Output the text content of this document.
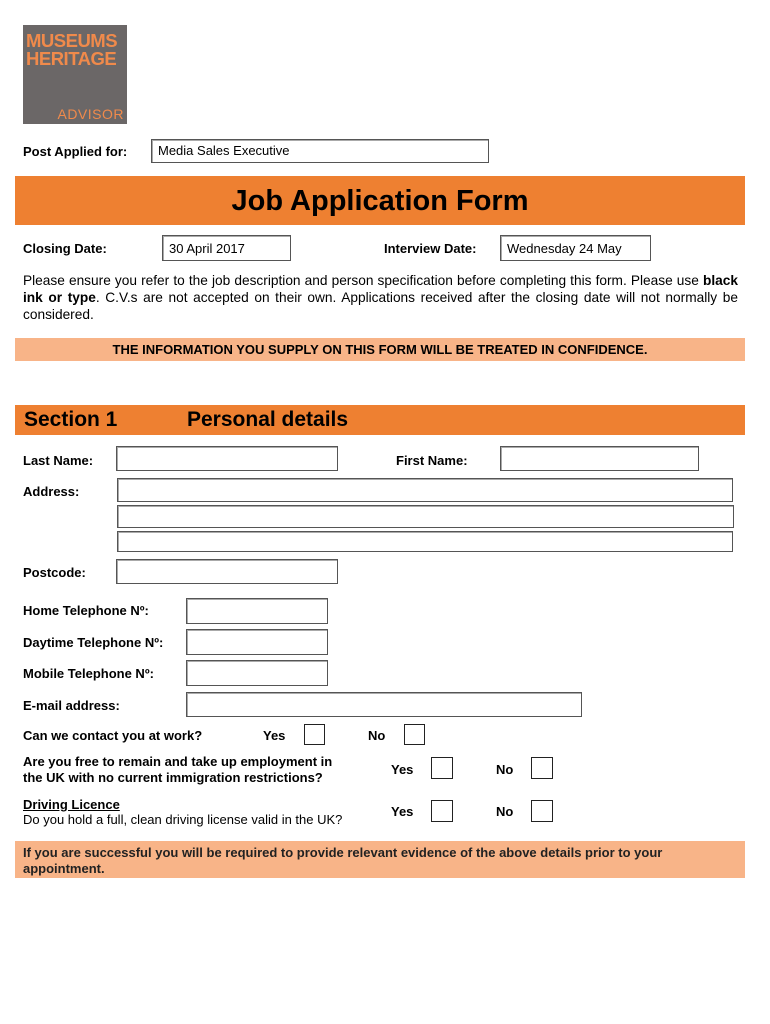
MUSEUMS
HERITAGE
ADVISOR
Post Applied for:	Media Sales Executive
Job Application Form
Closing Date:	30 April 2017	Interview Date:	Wednesday 24 May
Please ensure you refer to the job description and person specification before completing this form. Please use black ink or type. C.V.s are not accepted on their own. Applications received after the closing date will not normally be considered.
THE INFORMATION YOU SUPPLY ON THIS FORM WILL BE TREATED IN CONFIDENCE.
Section 1	Personal details
Last Name:	First Name:
Address:
Postcode:
Home Telephone Nº:
Daytime Telephone Nº:
Mobile Telephone Nº:
E-mail address:
Can we contact you at work?	Yes	No
Are you free to remain and take up employment in
the UK with no current immigration restrictions?
Yes	No
Driving Licence
Do you hold a full, clean driving license valid in the UK?
Yes	No
If you are successful you will be required to provide relevant evidence of the above details prior to your appointment.
